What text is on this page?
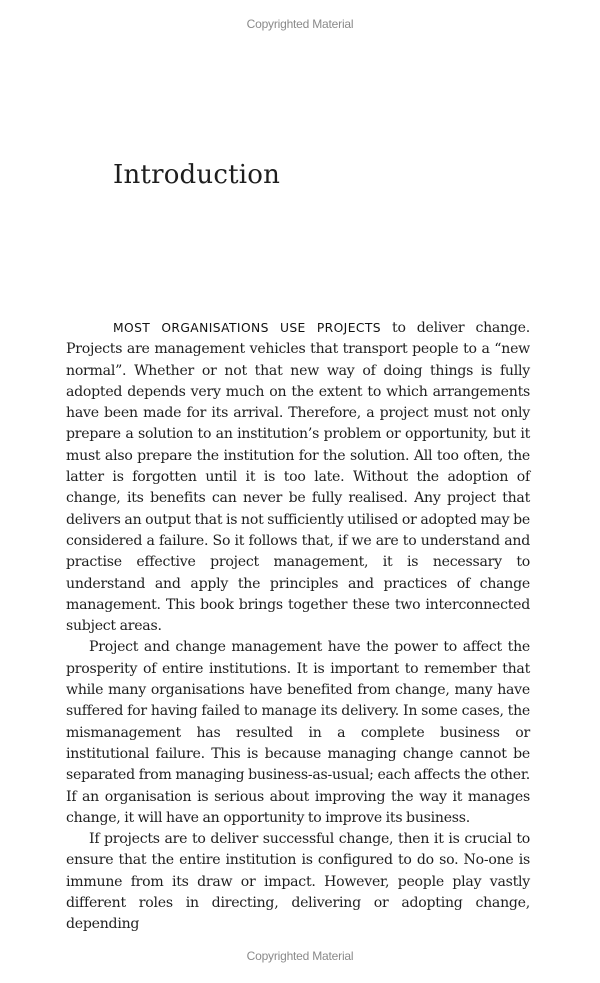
Copyrighted Material
Introduction

MOST ORGANISATIONS USE PROJECTS to deliver change. Projects are management vehicles that transport people to a “new normal”. Whether or not that new way of doing things is fully adopted depends very much on the extent to which arrangements have been made for its arrival. Therefore, a project must not only prepare a solution to an institution’s problem or opportunity, but it must also prepare the institution for the solution. All too often, the latter is forgotten until it is too late. Without the adoption of change, its benefits can never be fully realised. Any project that delivers an output that is not sufficiently utilised or adopted may be considered a failure. So it follows that, if we are to understand and practise effective project management, it is necessary to understand and apply the principles and practices of change management. This book brings together these two interconnected subject areas.

Project and change management have the power to affect the prosperity of entire institutions. It is important to remember that while many organisations have benefited from change, many have suffered for having failed to manage its delivery. In some cases, the mismanagement has resulted in a complete business or institutional failure. This is because managing change cannot be separated from managing business-as-usual; each affects the other. If an organisation is serious about improving the way it manages change, it will have an opportunity to improve its business.

If projects are to deliver successful change, then it is crucial to ensure that the entire institution is configured to do so. No-one is immune from its draw or impact. However, people play vastly different roles in directing, delivering or adopting change, depending

Copyrighted Material
